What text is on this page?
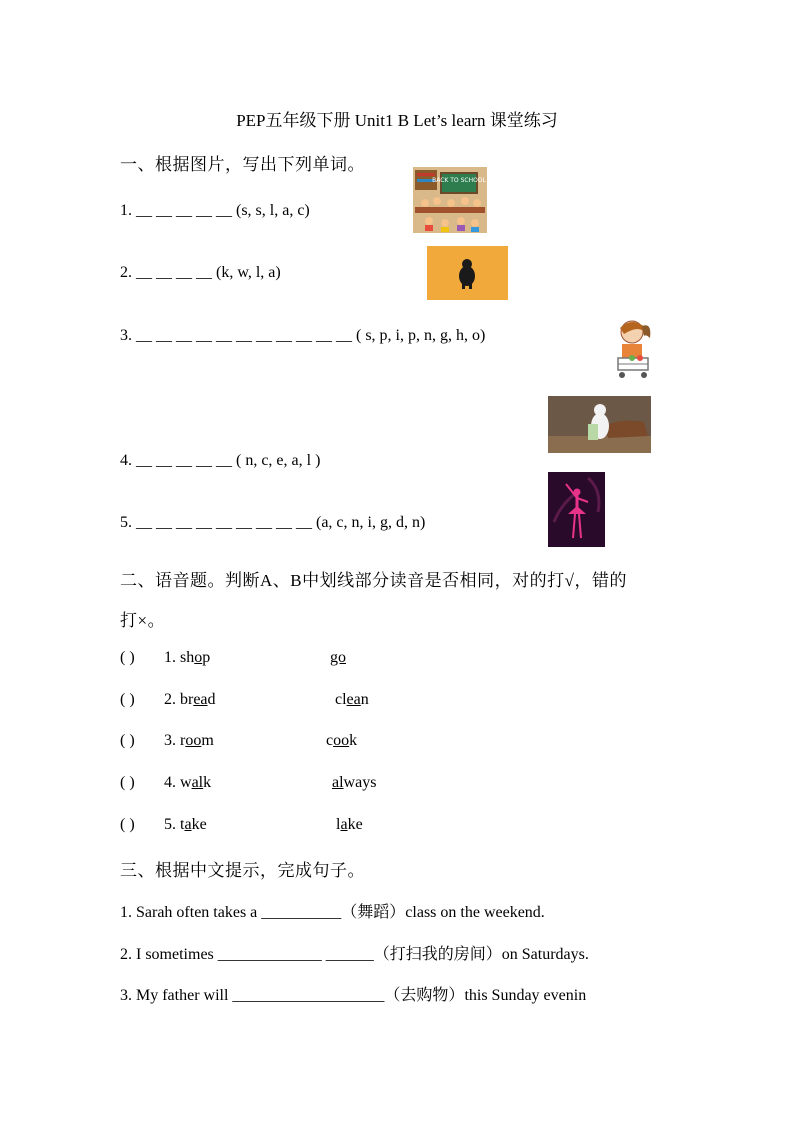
PEP五年级下册 Unit1 B Let’s learn 课堂练习
一、根据图片，写出下列单词。
1. __ __ __ __ __ (s, s, l, a, c)
2. __ __ __ __ (k, w, l, a)
3. __ __ __ __ __ __ __ __ __ __ __ ( s, p, i, p, n, g, h, o)
4. __ __ __ __ __ ( n, c, e, a, l )
5. __ __ __ __ __ __ __ __ __ (a, c, n, i, g, d, n)
BACK TO SCHOOL
二、语音题。判断A、B中划线部分读音是否相同，对的打√，错的
打×。
( ) 1. shop	go
( ) 2. bread	clean
( ) 3. room	cook
( ) 4. walk	always
( ) 5. take	lake
三、根据中文提示，完成句子。
1. Sarah often takes a __________（舞蹈）class on the weekend.
2. I sometimes _____________ ______（打扫我的房间）on Saturdays.
3. My father will ___________________（去购物）this Sunday evenin
